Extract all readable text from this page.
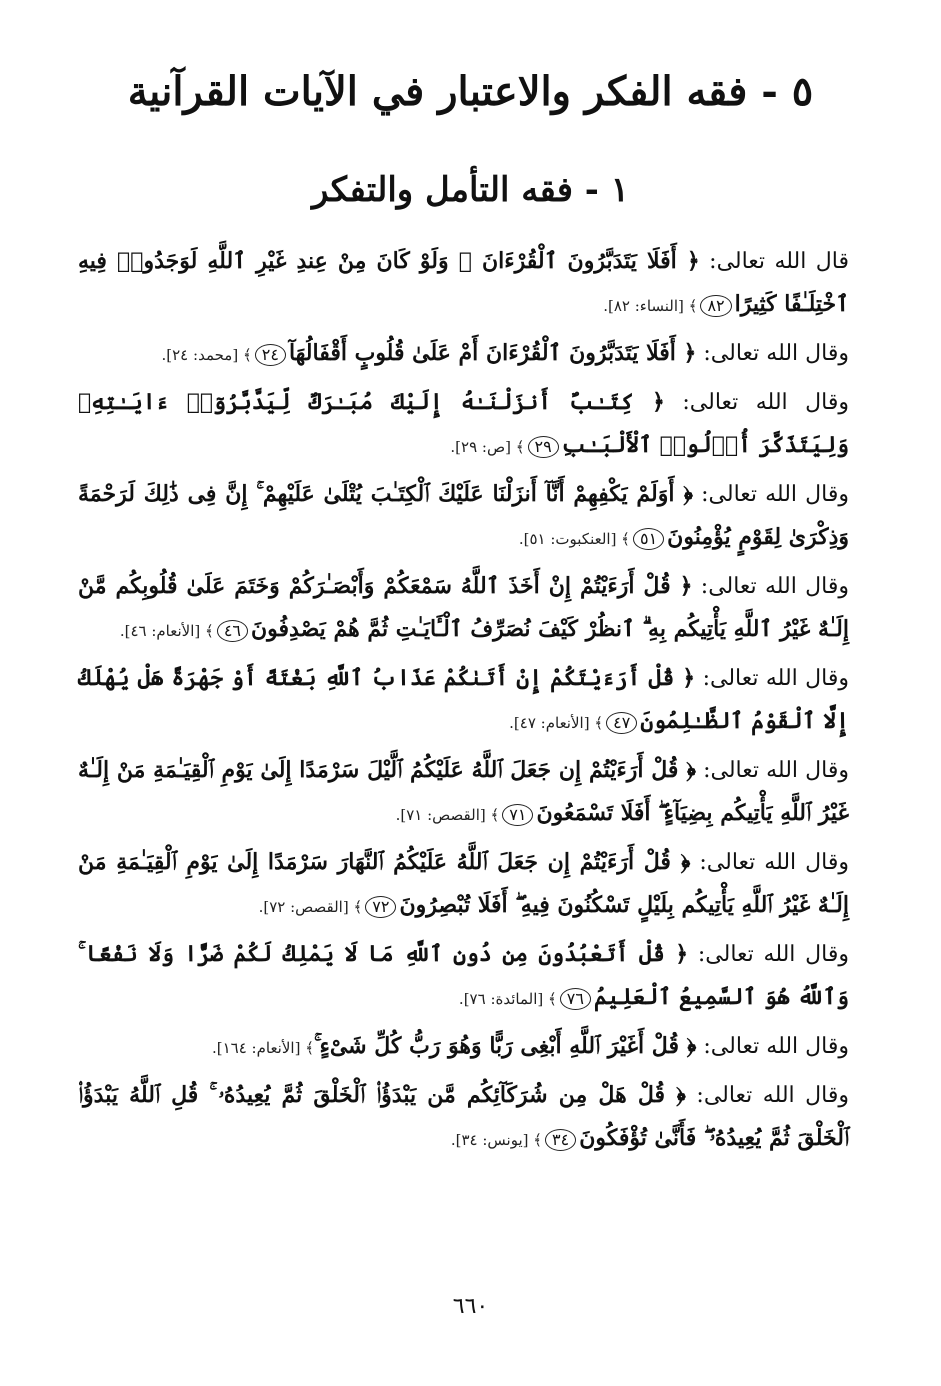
٥ - فقه الفكر والاعتبار في الآيات القرآنية
١ - فقه التأمل والتفكر

قال الله تعالى: ﴿ أَفَلَا يَتَدَبَّرُونَ ٱلْقُرْءَانَ ۚ وَلَوْ كَانَ مِنْ عِندِ غَيْرِ ٱللَّهِ لَوَجَدُوا۟ فِيهِ ٱخْتِلَـٰفًا كَثِيرًا٨٢﴾ [النساء: ٨٢].

وقال الله تعالى: ﴿ أَفَلَا يَتَدَبَّرُونَ ٱلْقُرْءَانَ أَمْ عَلَىٰ قُلُوبٍ أَقْفَالُهَآ٢٤﴾ [محمد: ٢٤].

وقال الله تعالى: ﴿ كِتَـٰبٌ أَنزَلْنَـٰهُ إِلَيْكَ مُبَـٰرَكٌ لِّيَدَّبَّرُوٓا۟ ءَايَـٰتِهِۦ وَلِيَتَذَكَّرَ أُو۟لُوا۟ ٱلْأَلْبَـٰبِ٢٩﴾ [ص: ٢٩].

وقال الله تعالى: ﴿ أَوَلَمْ يَكْفِهِمْ أَنَّآ أَنزَلْنَا عَلَيْكَ ٱلْكِتَـٰبَ يُتْلَىٰ عَلَيْهِمْ ۚ إِنَّ فِى ذَٰلِكَ لَرَحْمَةً وَذِكْرَىٰ لِقَوْمٍ يُؤْمِنُونَ٥١﴾ [العنكبوت: ٥١].

وقال الله تعالى: ﴿ قُلْ أَرَءَيْتُمْ إِنْ أَخَذَ ٱللَّهُ سَمْعَكُمْ وَأَبْصَـٰرَكُمْ وَخَتَمَ عَلَىٰ قُلُوبِكُم مَّنْ إِلَـٰهٌ غَيْرُ ٱللَّهِ يَأْتِيكُم بِهِ ۗ ٱنظُرْ كَيْفَ نُصَرِّفُ ٱلْـَٔايَـٰتِ ثُمَّ هُمْ يَصْدِفُونَ٤٦﴾ [الأنعام: ٤٦].

وقال الله تعالى: ﴿ قُلْ أَرَءَيْتَكُمْ إِنْ أَتَىٰكُمْ عَذَابُ ٱللَّهِ بَغْتَةً أَوْ جَهْرَةً هَلْ يُهْلَكُ إِلَّا ٱلْقَوْمُ ٱلظَّـٰلِمُونَ٤٧﴾ [الأنعام: ٤٧].

وقال الله تعالى: ﴿ قُلْ أَرَءَيْتُمْ إِن جَعَلَ ٱللَّهُ عَلَيْكُمُ ٱلَّيْلَ سَرْمَدًا إِلَىٰ يَوْمِ ٱلْقِيَـٰمَةِ مَنْ إِلَـٰهٌ غَيْرُ ٱللَّهِ يَأْتِيكُم بِضِيَآءٍ ۖ أَفَلَا تَسْمَعُونَ٧١﴾ [القصص: ٧١].

وقال الله تعالى: ﴿ قُلْ أَرَءَيْتُمْ إِن جَعَلَ ٱللَّهُ عَلَيْكُمُ ٱلنَّهَارَ سَرْمَدًا إِلَىٰ يَوْمِ ٱلْقِيَـٰمَةِ مَنْ إِلَـٰهٌ غَيْرُ ٱللَّهِ يَأْتِيكُم بِلَيْلٍ تَسْكُنُونَ فِيهِ ۖ أَفَلَا تُبْصِرُونَ٧٢﴾ [القصص: ٧٢].

وقال الله تعالى: ﴿ قُلْ أَتَعْبُدُونَ مِن دُونِ ٱللَّهِ مَا لَا يَمْلِكُ لَكُمْ ضَرًّا وَلَا نَفْعًا ۚ وَٱللَّهُ هُوَ ٱلسَّمِيعُ ٱلْعَلِيمُ٧٦﴾ [المائدة: ٧٦].

وقال الله تعالى: ﴿ قُلْ أَغَيْرَ ٱللَّهِ أَبْغِى رَبًّا وَهُوَ رَبُّ كُلِّ شَىْءٍ ۚ﴾ [الأنعام: ١٦٤].

وقال الله تعالى: ﴿ قُلْ هَلْ مِن شُرَكَآئِكُم مَّن يَبْدَؤُا۟ ٱلْخَلْقَ ثُمَّ يُعِيدُهُۥ ۚ قُلِ ٱللَّهُ يَبْدَؤُا۟ ٱلْخَلْقَ ثُمَّ يُعِيدُهُۥ ۖ فَأَنَّىٰ تُؤْفَكُونَ٣٤﴾ [يونس: ٣٤].

٦٦٠
